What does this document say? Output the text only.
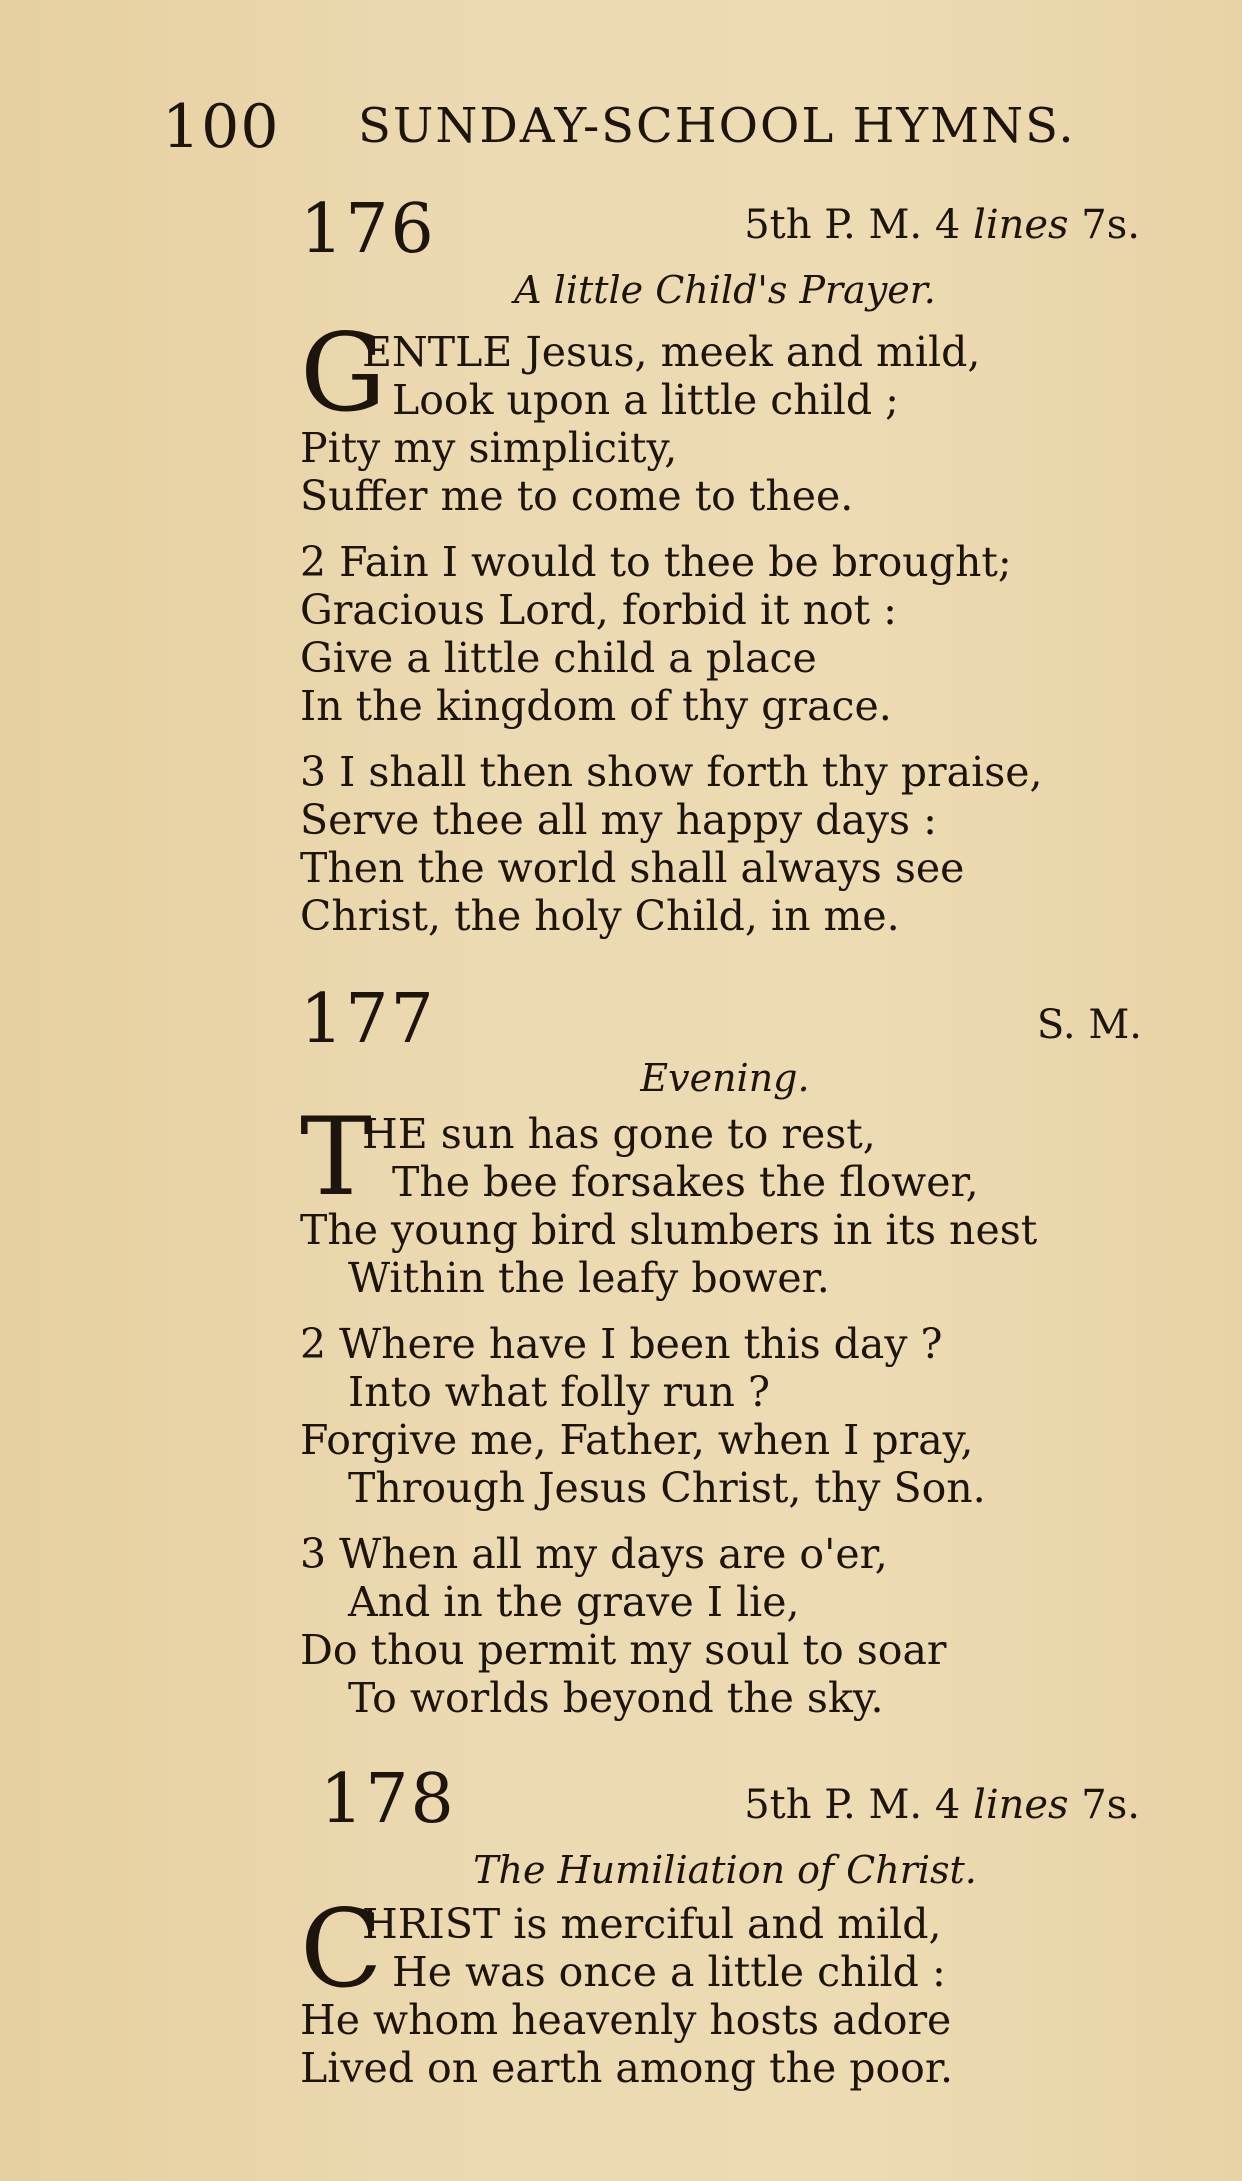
100 SUNDAY-SCHOOL HYMNS.
176	5th P. M. 4 lines 7s.
A little Child's Prayer.
G
ENTLE Jesus, meek and mild,
Look upon a little child ;
Pity my simplicity,
Suffer me to come to thee.
2 Fain I would to thee be brought;
Gracious Lord, forbid it not :
Give a little child a place
In the kingdom of thy grace.
3 I shall then show forth thy praise,
Serve thee all my happy days :
Then the world shall always see
Christ, the holy Child, in me.
177	S. M.
Evening.
T
HE sun has gone to rest,
The bee forsakes the flower,
The young bird slumbers in its nest
Within the leafy bower.
2 Where have I been this day ?
Into what folly run ?
Forgive me, Father, when I pray,
Through Jesus Christ, thy Son.
3 When all my days are o'er,
And in the grave I lie,
Do thou permit my soul to soar
To worlds beyond the sky.
178	5th P. M. 4 lines 7s.
The Humiliation of Christ.
C
HRIST is merciful and mild,
He was once a little child :
He whom heavenly hosts adore
Lived on earth among the poor.
